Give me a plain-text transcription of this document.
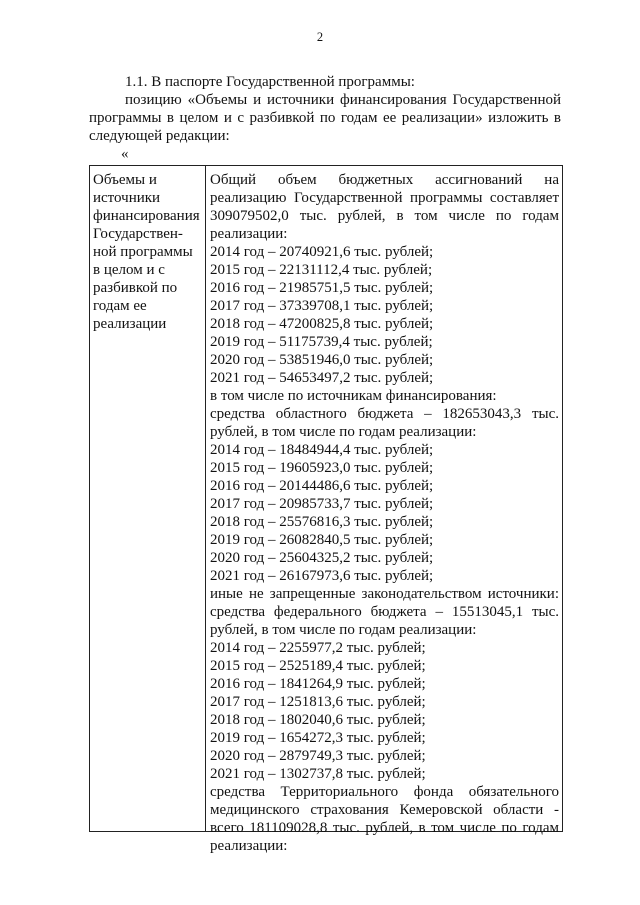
2

1.1. В паспорте Государственной программы:

позицию «Объемы и источники финансирования Государственной программы в целом и с разбивкой по годам ее реализации» изложить в следующей редакции:

«

Объемы и
источники
финансирования
Государствен-
ной программы
в целом и с
разбивкой по
годам ее
реализации
Общий объем бюджетных ассигнований на реализацию Государственной программы составляет 309079502,0 тыс. рублей, в том числе по годам реализации:
2014 год – 20740921,6 тыс. рублей;
2015 год – 22131112,4 тыс. рублей;
2016 год – 21985751,5 тыс. рублей;
2017 год – 37339708,1 тыс. рублей;
2018 год – 47200825,8 тыс. рублей;
2019 год – 51175739,4 тыс. рублей;
2020 год – 53851946,0 тыс. рублей;
2021 год – 54653497,2 тыс. рублей;
в том числе по источникам финансирования:
средства областного бюджета – 182653043,3 тыс. рублей, в том числе по годам реализации:
2014 год – 18484944,4 тыс. рублей;
2015 год – 19605923,0 тыс. рублей;
2016 год – 20144486,6 тыс. рублей;
2017 год – 20985733,7 тыс. рублей;
2018 год – 25576816,3 тыс. рублей;
2019 год – 26082840,5 тыс. рублей;
2020 год – 25604325,2 тыс. рублей;
2021 год – 26167973,6 тыс. рублей;
иные не запрещенные законодательством источники:
средства федерального бюджета – 15513045,1 тыс. рублей, в том числе по годам реализации:
2014 год – 2255977,2 тыс. рублей;
2015 год – 2525189,4 тыс. рублей;
2016 год – 1841264,9 тыс. рублей;
2017 год – 1251813,6 тыс. рублей;
2018 год – 1802040,6 тыс. рублей;
2019 год – 1654272,3 тыс. рублей;
2020 год – 2879749,3 тыс. рублей;
2021 год – 1302737,8 тыс. рублей;
средства Территориального фонда обязательного медицинского страхования Кемеровской области - всего 181109028,8 тыс. рублей, в том числе по годам реализации:
